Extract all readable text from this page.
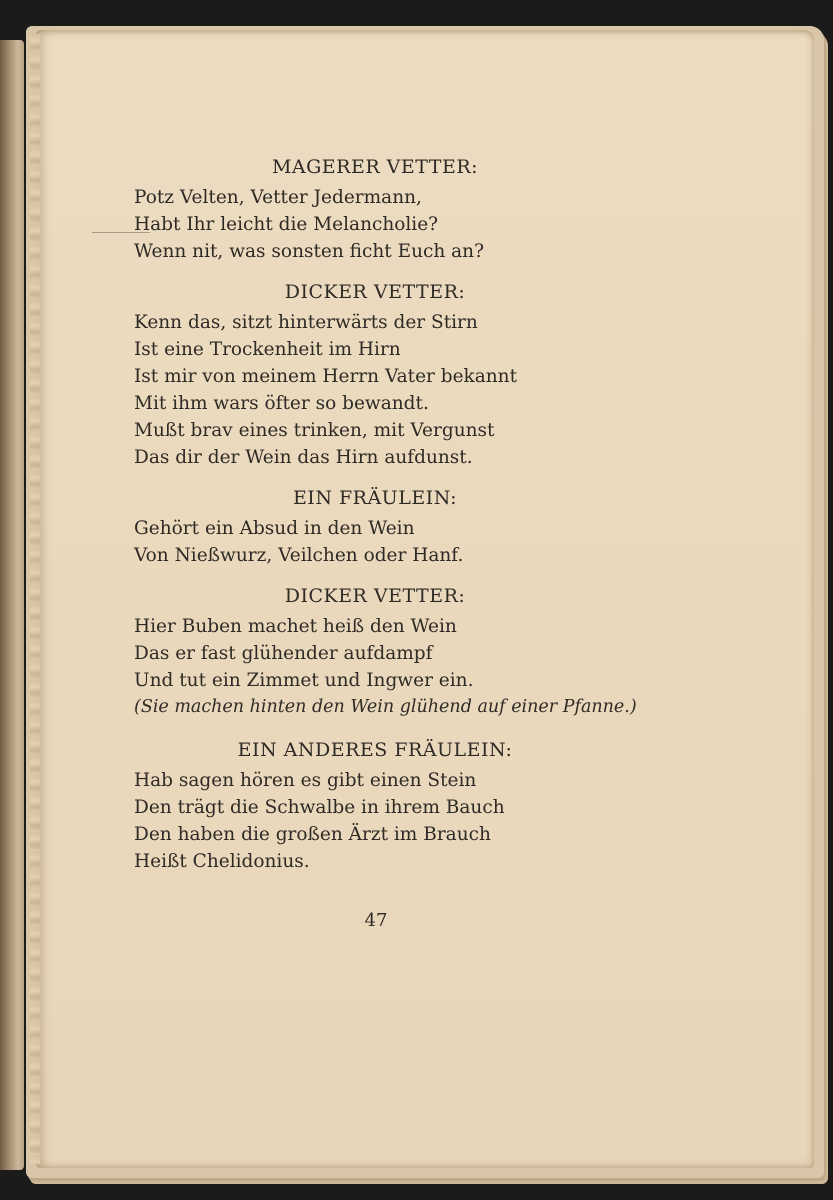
MAGERER VETTER:
Potz Velten, Vetter Jedermann,
Habt Ihr leicht die Melancholie?
Wenn nit, was sonsten ficht Euch an?
DICKER VETTER:
Kenn das, sitzt hinterwärts der Stirn
Ist eine Trockenheit im Hirn
Ist mir von meinem Herrn Vater bekannt
Mit ihm wars öfter so bewandt.
Mußt brav eines trinken, mit Vergunst
Das dir der Wein das Hirn aufdunst.
EIN FRÄULEIN:
Gehört ein Absud in den Wein
Von Nießwurz, Veilchen oder Hanf.
DICKER VETTER:
Hier Buben machet heiß den Wein
Das er fast glühender aufdampf
Und tut ein Zimmet und Ingwer ein.
(Sie machen hinten den Wein glühend auf einer Pfanne.)
EIN ANDERES FRÄULEIN:
Hab sagen hören es gibt einen Stein
Den trägt die Schwalbe in ihrem Bauch
Den haben die großen Ärzt im Brauch
Heißt Chelidonius.
47
